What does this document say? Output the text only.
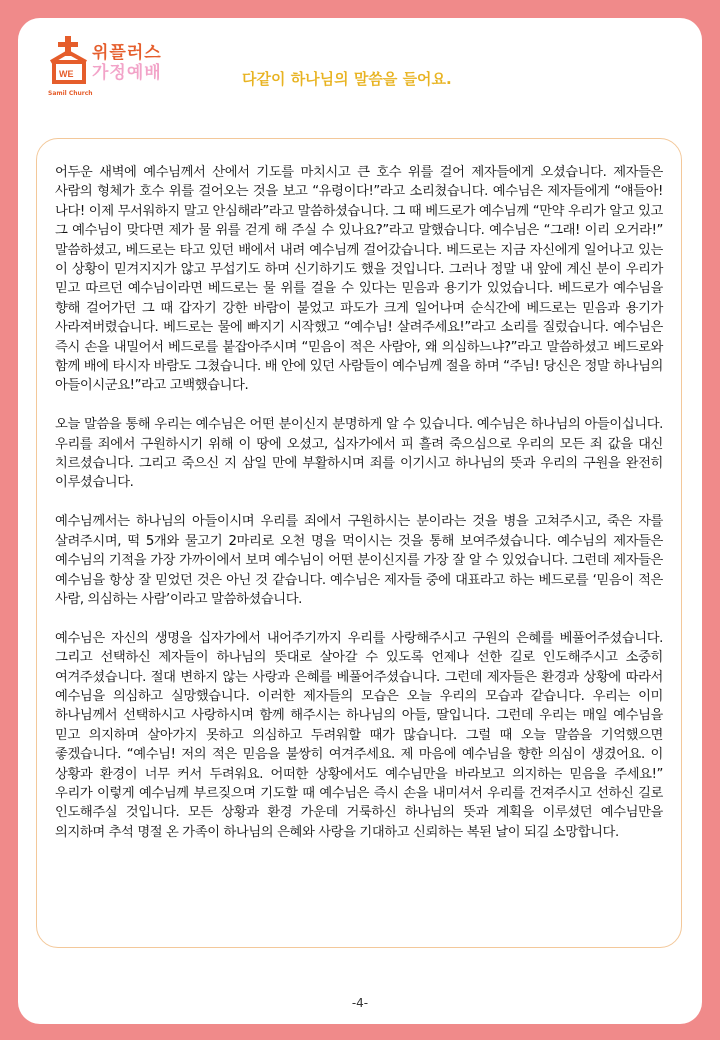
WE
위플러스
가정예배
Samil Church
다같이 하나님의 말씀을 들어요.

어두운 새벽에 예수님께서 산에서 기도를 마치시고 큰 호수 위를 걸어 제자들에게 오셨습니다. 제자들은 사람의 형체가 호수 위를 걸어오는 것을 보고 “유령이다!”라고 소리쳤습니다. 예수님은 제자들에게 “얘들아! 나다! 이제 무서워하지 말고 안심해라”라고 말씀하셨습니다. 그 때 베드로가 예수님께 “만약 우리가 알고 있고 그 예수님이 맞다면 제가 물 위를 걷게 해 주실 수 있나요?”라고 말했습니다. 예수님은 “그래! 이리 오거라!” 말씀하셨고, 베드로는 타고 있던 배에서 내려 예수님께 걸어갔습니다. 베드로는 지금 자신에게 일어나고 있는 이 상황이 믿겨지지가 않고 무섭기도 하며 신기하기도 했을 것입니다. 그러나 정말 내 앞에 계신 분이 우리가 믿고 따르던 예수님이라면 베드로는 물 위를 걸을 수 있다는 믿음과 용기가 있었습니다. 베드로가 예수님을 향해 걸어가던 그 때 갑자기 강한 바람이 불었고 파도가 크게 일어나며 순식간에 베드로는 믿음과 용기가 사라져버렸습니다. 베드로는 물에 빠지기 시작했고 “예수님! 살려주세요!”라고 소리를 질렀습니다. 예수님은 즉시 손을 내밀어서 베드로를 붙잡아주시며 “믿음이 적은 사람아, 왜 의심하느냐?”라고 말씀하셨고 베드로와 함께 배에 타시자 바람도 그쳤습니다. 배 안에 있던 사람들이 예수님께 절을 하며 “주님! 당신은 정말 하나님의 아들이시군요!”라고 고백했습니다.

오늘 말씀을 통해 우리는 예수님은 어떤 분이신지 분명하게 알 수 있습니다. 예수님은 하나님의 아들이십니다. 우리를 죄에서 구원하시기 위해 이 땅에 오셨고, 십자가에서 피 흘려 죽으심으로 우리의 모든 죄 값을 대신 치르셨습니다. 그리고 죽으신 지 삼일 만에 부활하시며 죄를 이기시고 하나님의 뜻과 우리의 구원을 완전히 이루셨습니다.

예수님께서는 하나님의 아들이시며 우리를 죄에서 구원하시는 분이라는 것을 병을 고쳐주시고, 죽은 자를 살려주시며, 떡 5개와 물고기 2마리로 오천 명을 먹이시는 것을 통해 보여주셨습니다. 예수님의 제자들은 예수님의 기적을 가장 가까이에서 보며 예수님이 어떤 분이신지를 가장 잘 알 수 있었습니다. 그런데 제자들은 예수님을 항상 잘 믿었던 것은 아닌 것 같습니다. 예수님은 제자들 중에 대표라고 하는 베드로를 ‘믿음이 적은 사람, 의심하는 사람’이라고 말씀하셨습니다.

예수님은 자신의 생명을 십자가에서 내어주기까지 우리를 사랑해주시고 구원의 은혜를 베풀어주셨습니다. 그리고 선택하신 제자들이 하나님의 뜻대로 살아갈 수 있도록 언제나 선한 길로 인도해주시고 소중히 여겨주셨습니다. 절대 변하지 않는 사랑과 은혜를 베풀어주셨습니다. 그런데 제자들은 환경과 상황에 따라서 예수님을 의심하고 실망했습니다. 이러한 제자들의 모습은 오늘 우리의 모습과 같습니다. 우리는 이미 하나님께서 선택하시고 사랑하시며 함께 해주시는 하나님의 아들, 딸입니다. 그런데 우리는 매일 예수님을 믿고 의지하며 살아가지 못하고 의심하고 두려워할 때가 많습니다. 그럴 때 오늘 말씀을 기억했으면 좋겠습니다. “예수님! 저의 적은 믿음을 불쌍히 여겨주세요. 제 마음에 예수님을 향한 의심이 생겼어요. 이 상황과 환경이 너무 커서 두려워요. 어떠한 상황에서도 예수님만을 바라보고 의지하는 믿음을 주세요!” 우리가 이렇게 예수님께 부르짖으며 기도할 때 예수님은 즉시 손을 내미셔서 우리를 건져주시고 선하신 길로 인도해주실 것입니다. 모든 상황과 환경 가운데 거룩하신 하나님의 뜻과 계획을 이루셨던 예수님만을 의지하며 추석 명절 온 가족이 하나님의 은혜와 사랑을 기대하고 신뢰하는 복된 날이 되길 소망합니다.

-4-
